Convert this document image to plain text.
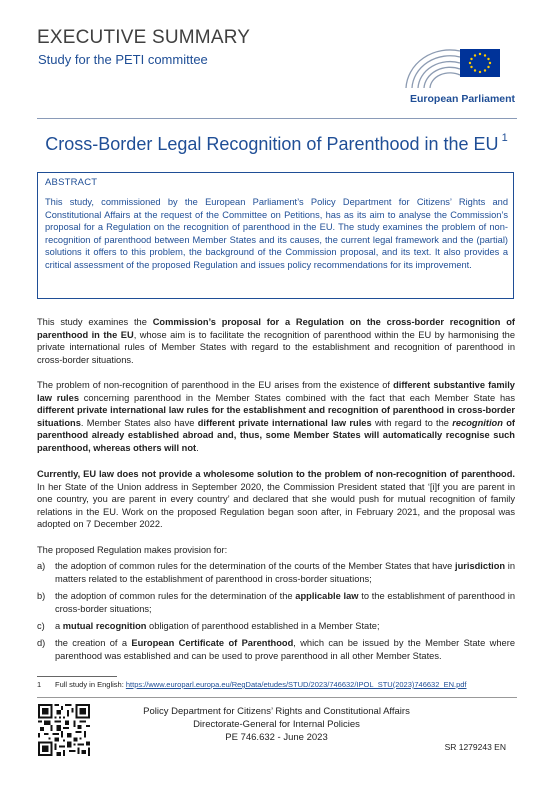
EXECUTIVE SUMMARY
Study for the PETI committee
European Parliament
Cross-Border Legal Recognition of Parenthood in the EU $^1$
ABSTRACT
This study, commissioned by the European Parliament’s Policy Department for Citizens’ Rights and Constitutional Affairs at the request of the Committee on Petitions, has as its aim to analyse the Commission’s proposal for a Regulation on the recognition of parenthood in the EU. The study examines the problem of non-recognition of parenthood between Member States and its causes, the current legal framework and the (partial) solutions it offers to this problem, the background of the Commission proposal, and its text. It also provides a critical assessment of the proposed Regulation and issues policy recommendations for its improvement.
This study examines the Commission’s proposal for a Regulation on the cross-border recognition of parenthood in the EU, whose aim is to facilitate the recognition of parenthood within the EU by harmonising the private international rules of Member States with regard to the establishment and recognition of parenthood in cross-border situations.
The problem of non-recognition of parenthood in the EU arises from the existence of different substantive family law rules concerning parenthood in the Member States combined with the fact that each Member State has different private international law rules for the establishment and recognition of parenthood in cross-border situations. Member States also have different private international law rules with regard to the recognition of parenthood already established abroad and, thus, some Member States will automatically recognise such parenthood, whereas others will not.
Currently, EU law does not provide a wholesome solution to the problem of non-recognition of parenthood. In her State of the Union address in September 2020, the Commission President stated that ‘[i]f you are parent in one country, you are parent in every country’ and declared that she would push for mutual recognition of family relations in the EU. Work on the proposed Regulation began soon after, in February 2021, and the proposal was adopted on 7 December 2022.
The proposed Regulation makes provision for:
a) the adoption of common rules for the determination of the courts of the Member States that have jurisdiction in matters related to the establishment of parenthood in cross-border situations;
b) the adoption of common rules for the determination of the applicable law to the establishment of parenthood in cross-border situations;
c) a mutual recognition obligation of parenthood established in a Member State;
d) the creation of a European Certificate of Parenthood, which can be issued by the Member State where parenthood was established and can be used to prove parenthood in all other Member States.
1 Full study in English: https://www.europarl.europa.eu/RegData/etudes/STUD/2023/746632/IPOL_STU(2023)746632_EN.pdf
Policy Department for Citizens’ Rights and Constitutional Affairs
Directorate-General for Internal Policies
PE 746.632 - June 2023
SR 1279243 EN
